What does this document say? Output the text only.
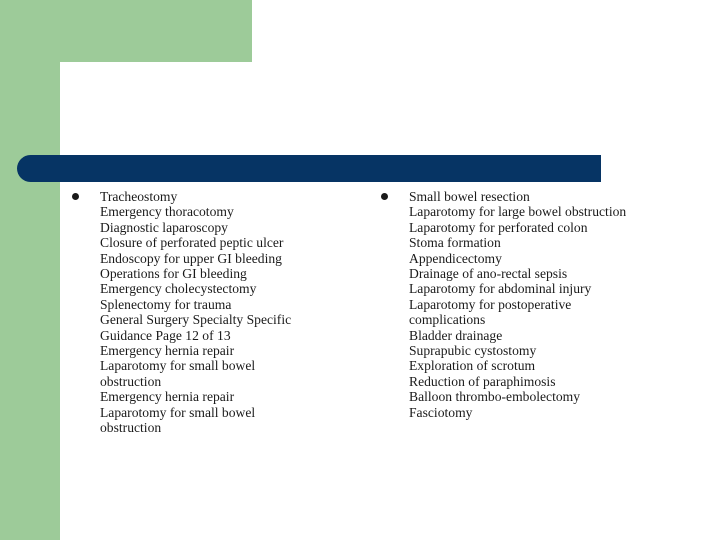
Tracheostomy
Emergency thoracotomy
Diagnostic laparoscopy
Closure of perforated peptic ulcer
Endoscopy for upper GI bleeding
Operations for GI bleeding
Emergency cholecystectomy
Splenectomy for trauma
General Surgery Specialty Specific
Guidance Page 12 of 13
Emergency hernia repair
Laparotomy for small bowel
obstruction
Emergency hernia repair
Laparotomy for small bowel
obstruction
Small bowel resection
Laparotomy for large bowel obstruction
Laparotomy for perforated colon
Stoma formation
Appendicectomy
Drainage of ano-rectal sepsis
Laparotomy for abdominal injury
Laparotomy for postoperative
complications
Bladder drainage
Suprapubic cystostomy
Exploration of scrotum
Reduction of paraphimosis
Balloon thrombo-embolectomy
Fasciotomy
